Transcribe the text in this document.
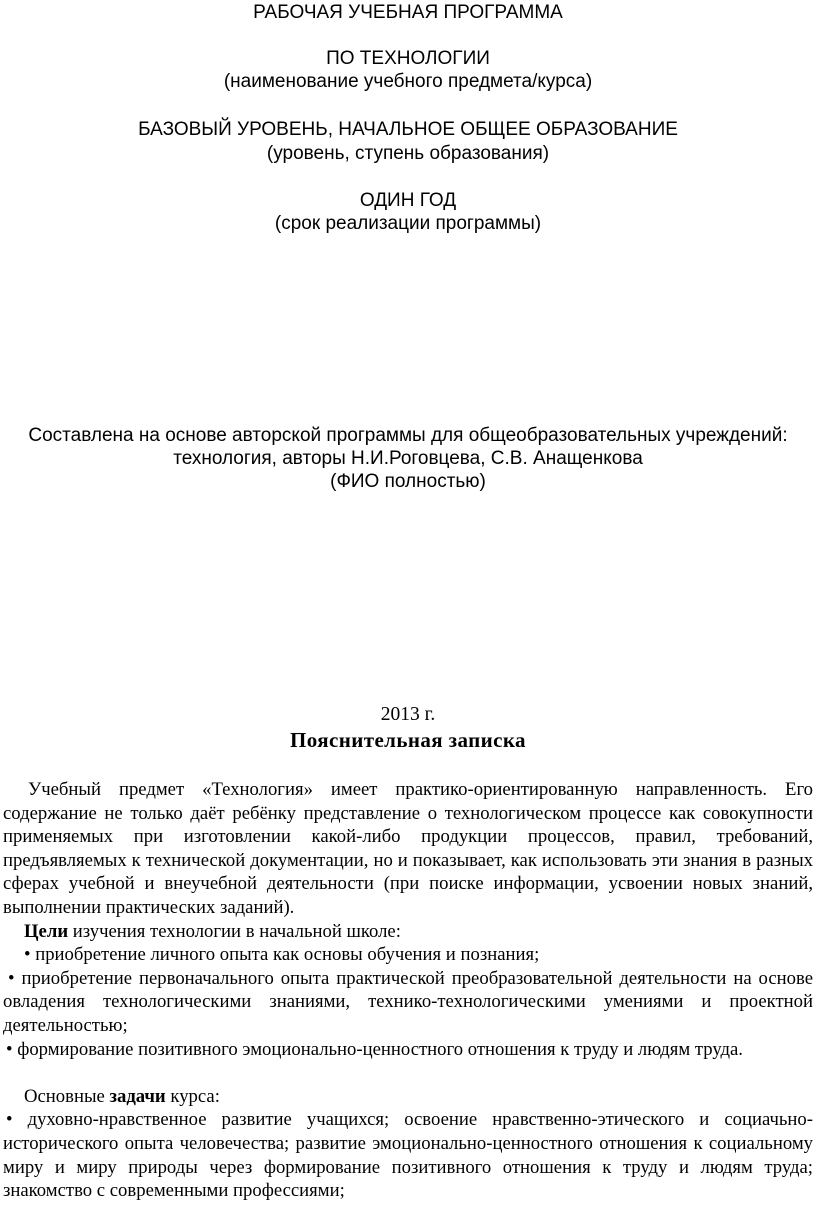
РАБОЧАЯ УЧЕБНАЯ ПРОГРАММА
ПО ТЕХНОЛОГИИ
(наименование учебного предмета/курса)
БАЗОВЫЙ УРОВЕНЬ, НАЧАЛЬНОЕ ОБЩЕЕ ОБРАЗОВАНИЕ
(уровень, ступень образования)
ОДИН ГОД
(срок реализации программы)
Составлена на основе авторской программы для общеобразовательных учреждений:
технология, авторы Н.И.Роговцева, С.В. Анащенкова
(ФИО полностью)
2013 г.
Пояснительная записка

Учебный предмет «Технология» имеет практико-ориентированную направленность. Его содержание не только даёт ребёнку представление о технологическом процессе как совокупности применяемых при изготовлении какой-либо продукции процессов, правил, требований, предъявляемых к технической документации, но и показывает, как использовать эти знания в разных сферах учебной и внеучебной деятельности (при поиске информации, усвоении новых знаний, выполнении практических заданий).

Цели изучения технологии в начальной школе:

• приобретение личного опыта как основы обучения и познания;

• приобретение первоначального опыта практической преобразовательной деятельности на основе овладения технологическими знаниями, технико-технологическими умениями и проектной деятельностью;

• формирование позитивного эмоционально-ценностного отношения к труду и людям труда.

Основные задачи курса:

• духовно-нравственное развитие учащихся; освоение нравственно-этического и социачьно-исторического опыта человечества; развитие эмоционально-ценностного отношения к социальному миру и миру природы через формирование позитивного отношения к труду и людям труда; знакомство с современными профессиями;
